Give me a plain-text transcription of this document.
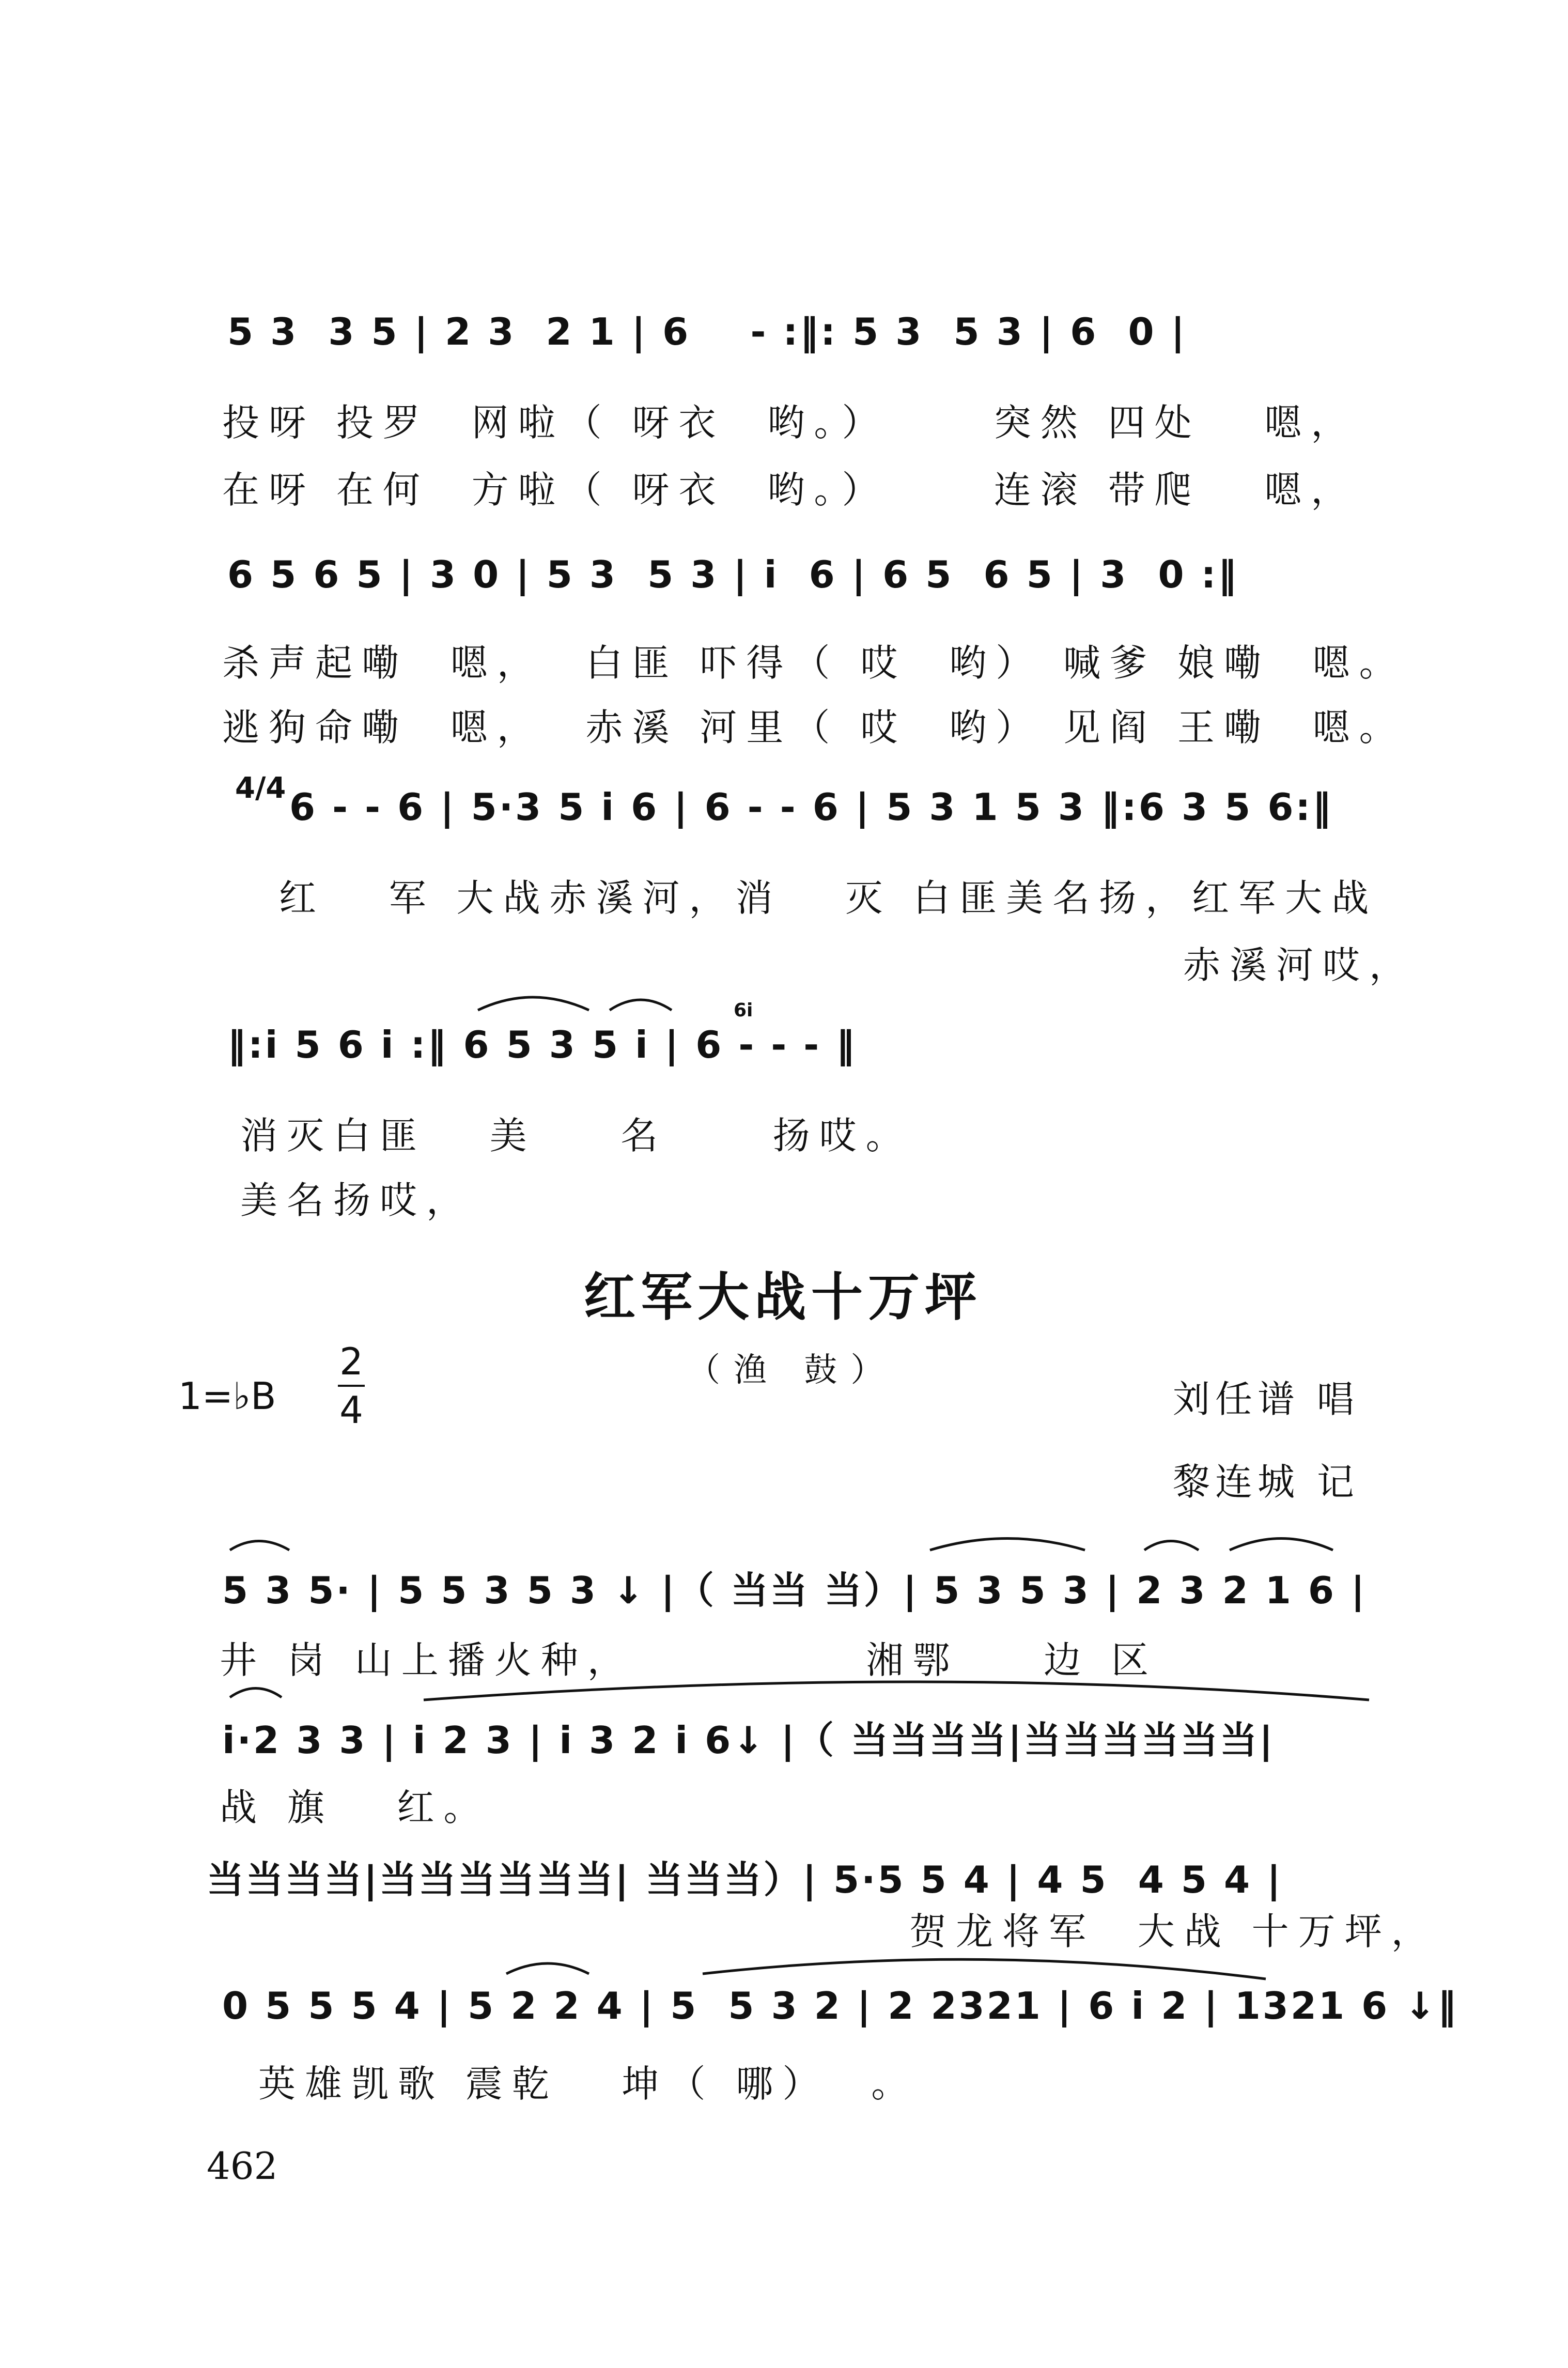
5 3  3 5 | 2 3  2 1 | 6    - :‖: 5 3  5 3 | 6  0 |
投呀 投罗  网啦（ 呀衣  哟。）     突然 四处   嗯，
在呀 在何  方啦（ 呀衣  哟。）     连滚 带爬   嗯，
6 5 6 5 | 3 0 | 5 3  5 3 | i  6 | 6 5  6 5 | 3  0 :‖
杀声起嘞  嗯，  白匪 吓得（ 哎  哟） 喊爹 娘嘞  嗯。
逃狗命嘞  嗯，  赤溪 河里（ 哎  哟） 见阎 王嘞  嗯。
4/4 6 - - 6 | 5·3 5 i 6 | 6 - - 6 | 5 3 1 5 3 ‖:6 3 5 6:‖
红   军 大战赤溪河，消   灭 白匪美名扬，红军大战
赤溪河哎，
‖:i 5 6 i :‖ 6 5 3 5 i | 6 - - - ‖
6i
消灭白匪   美    名     扬哎。
美名扬哎，
红军大战十万坪
（渔 鼓）
1=♭B
2
4	刘任谱 唱
黎连城 记
5 3 5· | 5 5 3 5 3 ↓ |（ 当当 当）| 5 3 5 3 | 2 3 2 1 6 |
井 岗 山上播火种，           湘鄂    边 区
i·2 3 3 | i 2 3 | i 3 2 i 6↓ |（ 当当当当|当当当当当当|
战 旗   红。
当当当当|当当当当当当| 当当当）| 5·5 5 4 | 4 5  4 5 4 |
贺龙将军  大战 十万坪，
0 5 5 5 4 | 5 2 2 4 | 5  5 3 2 | 2 2321 | 6 i 2 | 1321 6 ↓‖
英雄凯歌 震乾   坤（ 哪）  。
462
